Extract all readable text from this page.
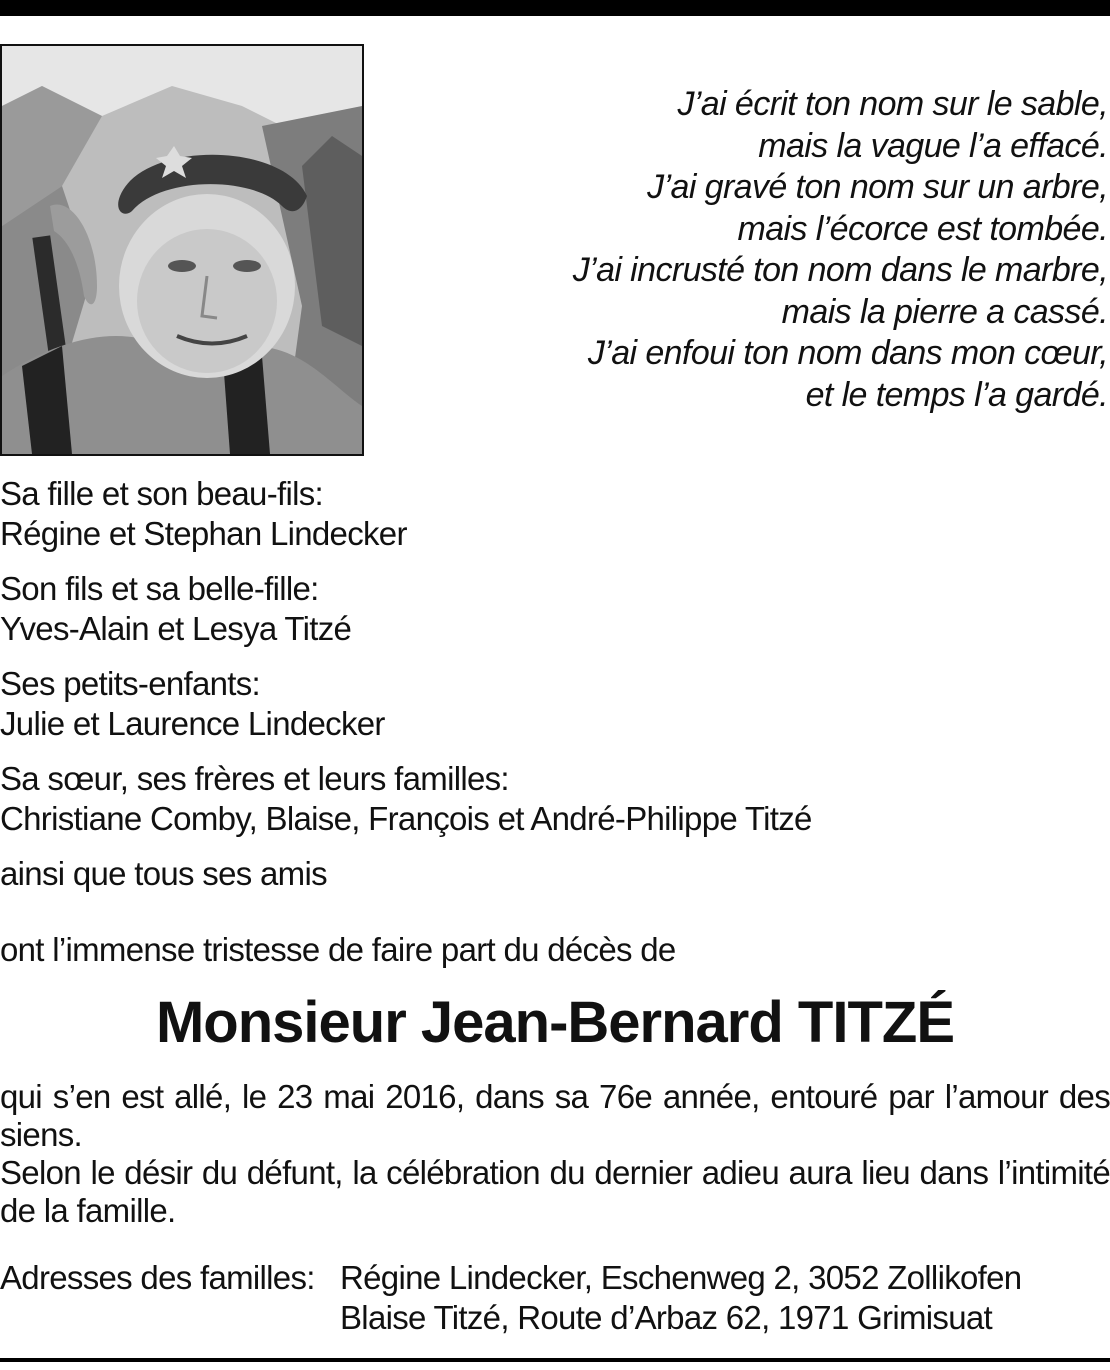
J’ai écrit ton nom sur le sable,
mais la vague l’a effacé.
J’ai gravé ton nom sur un arbre,
mais l’écorce est tombée.
J’ai incrusté ton nom dans le marbre,
mais la pierre a cassé.
J’ai enfoui ton nom dans mon cœur,
et le temps l’a gardé.
Sa fille et son beau-fils:
Régine et Stephan Lindecker
Son fils et sa belle-fille:
Yves-Alain et Lesya Titzé
Ses petits-enfants:
Julie et Laurence Lindecker
Sa sœur, ses frères et leurs familles:
Christiane Comby, Blaise, François et André-Philippe Titzé
ainsi que tous ses amis
ont l’immense tristesse de faire part du décès de
Monsieur Jean-Bernard TITZÉ

qui s’en est allé, le 23 mai 2016, dans sa 76e année, entouré par l’amour des siens.

Selon le désir du défunt, la célébration du dernier adieu aura lieu dans l’intimité de la famille.

Adresses des familles: Régine Lindecker, Eschenweg 2, 3052 Zollikofen
Blaise Titzé, Route d’Arbaz 62, 1971 Grimisuat
